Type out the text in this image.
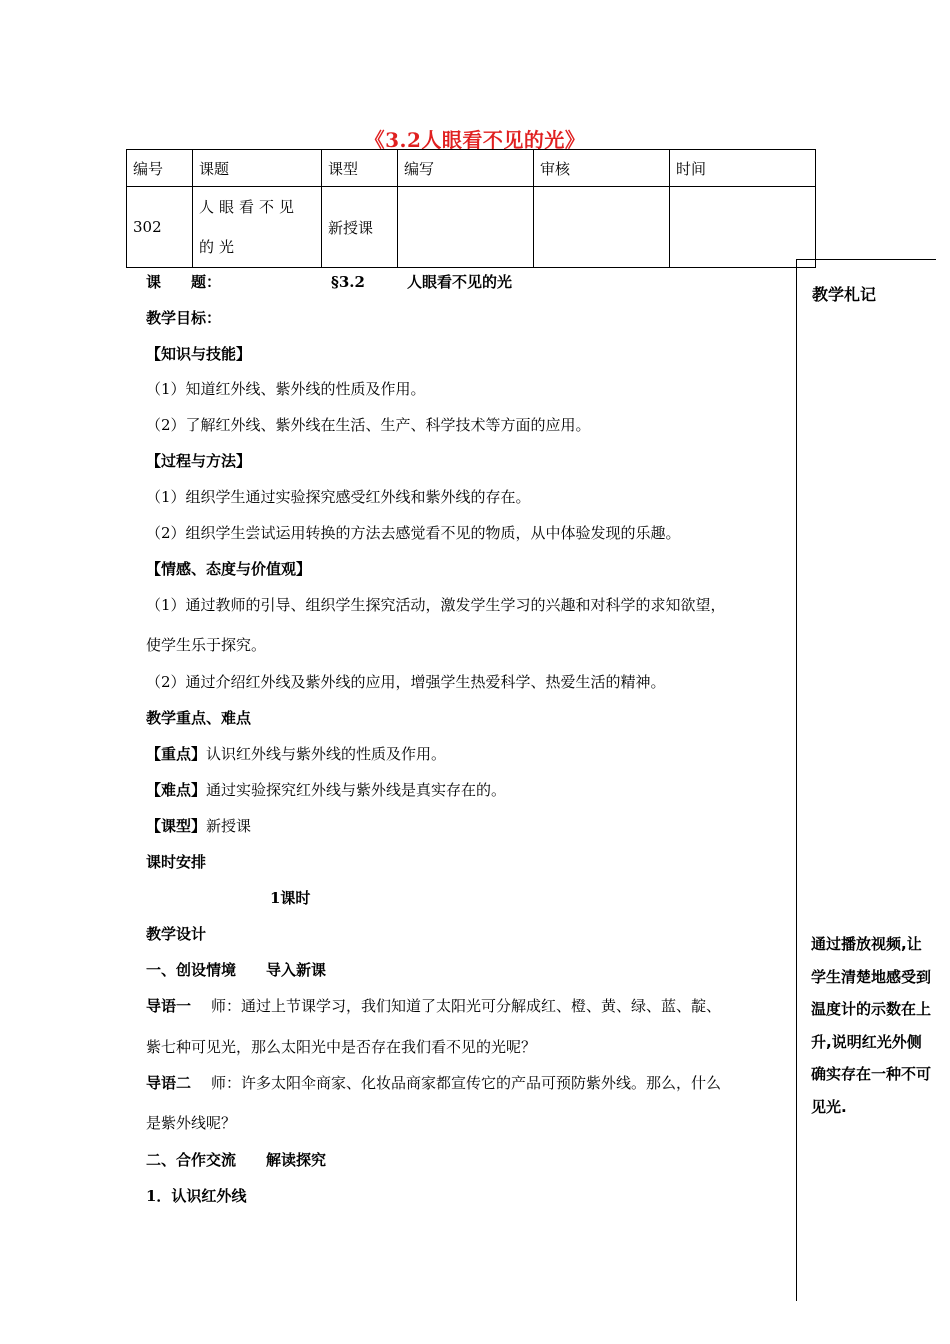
《3.2人眼看不见的光》
编号	课题	课型	编写	审核	时间
302	人眼看不见的光	新授课			
教学札记
通过播放视频,让学生清楚地感受到温度计的示数在上升,说明红光外侧确实存在一种不可见光.
课　　题：	§3.2	人眼看不见的光
教学目标：
【知识与技能】
（1）知道红外线、紫外线的性质及作用。
（2）了解红外线、紫外线在生活、生产、科学技术等方面的应用。
【过程与方法】
（1）组织学生通过实验探究感受红外线和紫外线的存在。
（2）组织学生尝试运用转换的方法去感觉看不见的物质，从中体验发现的乐趣。
【情感、态度与价值观】
（1）通过教师的引导、组织学生探究活动，激发学生学习的兴趣和对科学的求知欲望，
使学生乐于探究。
（2）通过介绍红外线及紫外线的应用，增强学生热爱科学、热爱生活的精神。
教学重点、难点
【重点】认识红外线与紫外线的性质及作用。
【难点】通过实验探究红外线与紫外线是真实存在的。
【课型】新授课
课时安排
1课时
教学设计
一、创设情境　　导入新课
导语一 师：通过上节课学习，我们知道了太阳光可分解成红、橙、黄、绿、蓝、靛、
紫七种可见光，那么太阳光中是否存在我们看不见的光呢？
导语二 师：许多太阳伞商家、化妆品商家都宣传它的产品可预防紫外线。那么，什么
是紫外线呢？
二、合作交流　　解读探究
1．认识红外线
